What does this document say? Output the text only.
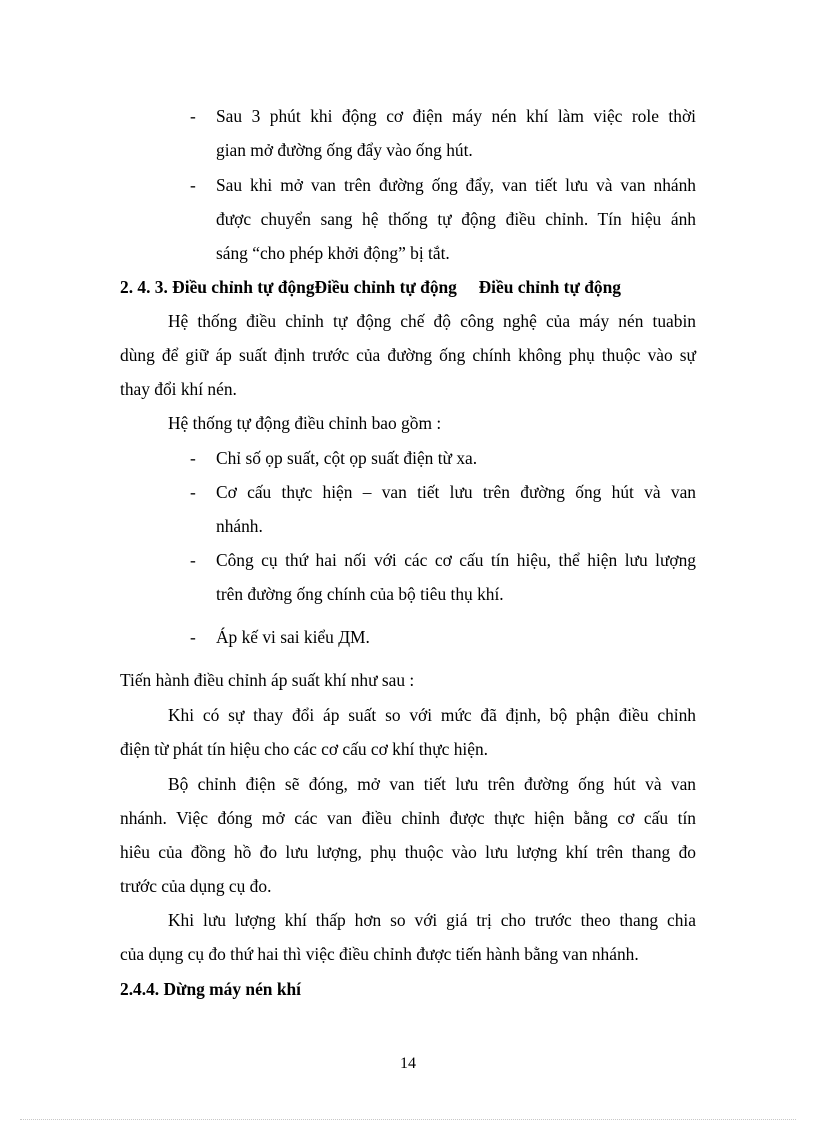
- Sau 3 phút khi động cơ điện máy nén khí làm việc role thời
gian mở đường ống đẩy vào ống hút.
- Sau khi mở van trên đường ống đẩy, van tiết lưu và van nhánh
được chuyển sang hệ thống tự động điều chỉnh. Tín hiệu ánh
sáng “cho phép khởi động” bị tắt.
2. 4. 3. Điều chỉnh tự độngĐiều chỉnh tự động     Điều chỉnh tự động
Hệ thống điều chỉnh tự động chế độ công nghệ của máy nén tuabin
dùng để giữ áp suất định trước của đường ống chính không phụ thuộc vào sự
thay đổi khí nén.
Hệ thống tự động điều chỉnh bao gồm :
- Chỉ số ọp suất, cột ọp suất điện từ xa.
- Cơ cấu thực hiện – van tiết lưu trên đường ống hút và van
nhánh.
- Công cụ thứ hai nối với các cơ cấu tín hiệu, thể hiện lưu lượng
trên đường ống chính của bộ tiêu thụ khí.
- Áp kế vi sai kiểu ДМ.
Tiến hành điều chỉnh áp suất khí như sau :
Khi có sự thay đổi áp suất so với mức đã định, bộ phận điều chỉnh
điện từ phát tín hiệu cho các cơ cấu cơ khí thực hiện.
Bộ chỉnh điện sẽ đóng, mở van tiết lưu trên đường ống hút và van
nhánh. Việc đóng mở các van điều chỉnh được thực hiện bằng cơ cấu tín
hiêu của đồng hồ đo lưu lượng, phụ thuộc vào lưu lượng khí trên thang đo
trước của dụng cụ đo.
Khi lưu lượng khí thấp hơn so với giá trị cho trước theo thang chia
của dụng cụ đo thứ hai thì việc điều chỉnh được tiến hành bằng van nhánh.
2.4.4. Dừng máy nén khí
14
